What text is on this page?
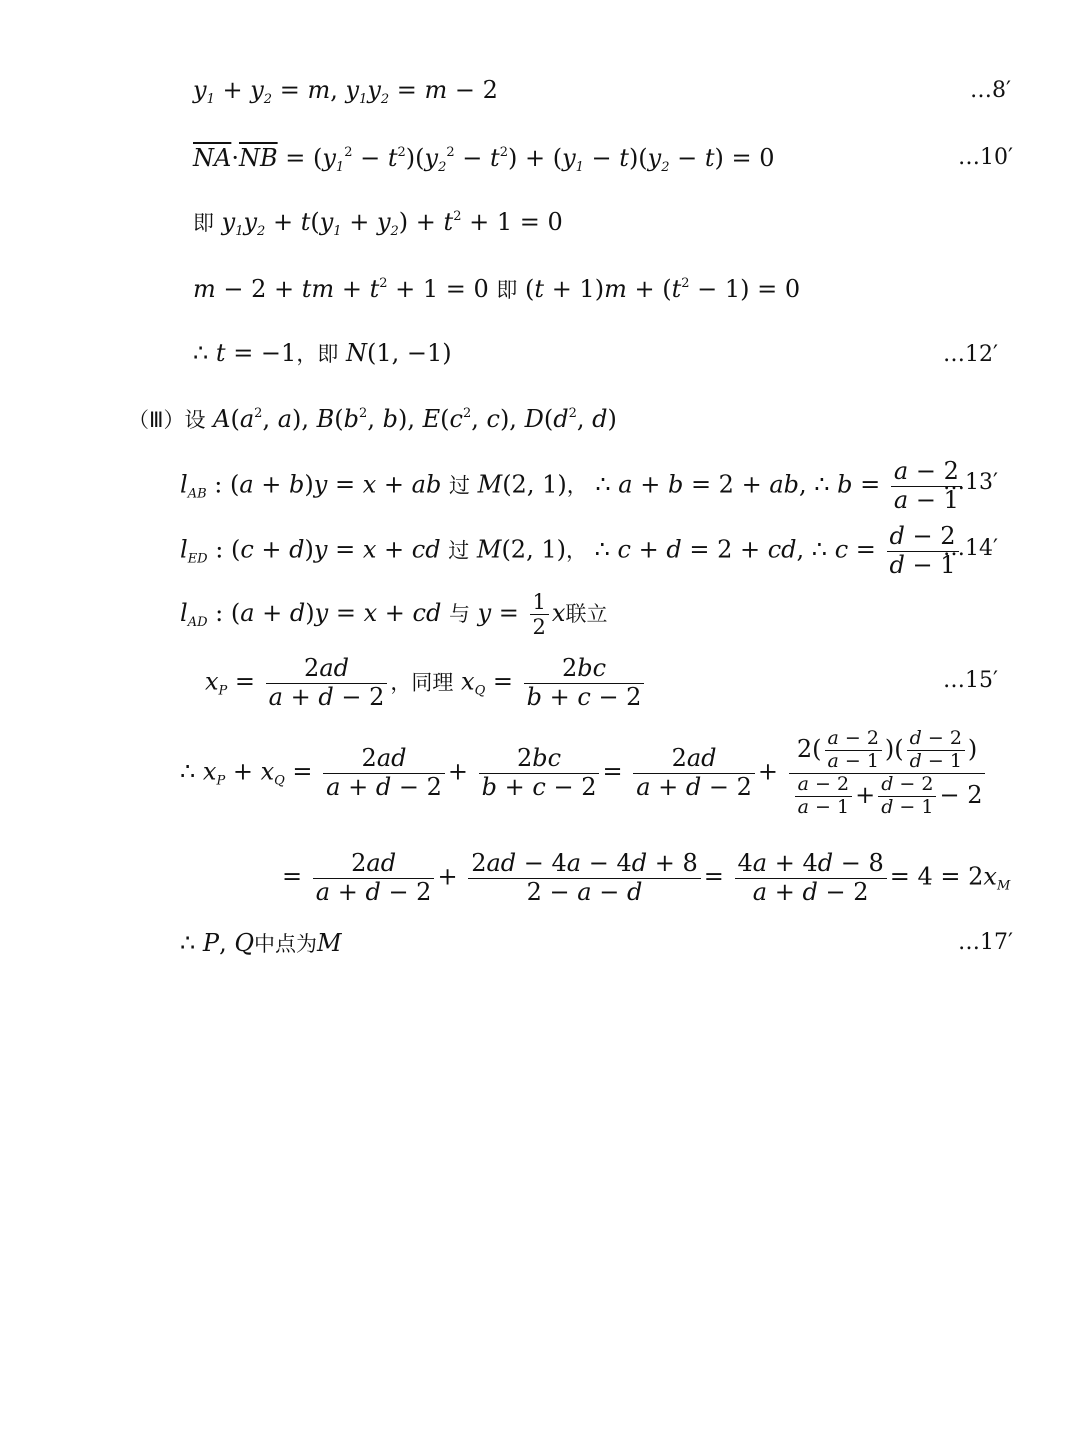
$y_1 + y_2 = m$, $y_1y_2 = m - 2$	…8′
$\overline{NA}\cdot\overline{NB} = (y_1^2 - t^2)(y_2^2 - t^2) + (y_1 - t)(y_2 - t) = 0$	…10′
即 $y_1y_2 + t(y_1 + y_2) + t^2 + 1 = 0$
m − 2 + tm + $t^2 + 1 = 0$ 即 $(t + 1)m + (t^2 - 1) = 0$
∴ t = −1，即 N(1, −1)	…12′
（Ⅲ）设 $A(a^2$, a), $B(b^2$, b), $E(c^2$, c), $D(d^2$, d)
$l_{AB}$ : (a + b)y = x + ab 过 M(2, 1)， ∴ a + b = 2 + ab, ∴ $b = \frac{a - 2}{a - 1}$
…13′
$l_{ED}$ : (c + d)y = x + cd 过 M(2, 1)， ∴ c + d = 2 + cd, ∴ $c = \frac{d - 2}{d - 1}$
…14′
$l_{AD}$ : (a + d)y = x + cd 与 $y = \frac{1}{2}$ x联立
$x_P = \frac{2ad}{a + d - 2}$ ，同理 $x_Q = \frac{2bc}{b + c - 2}$	…15′
∴ $x_P + x_Q = \frac{2ad}{a + d - 2} + \frac{2bc}{b + c - 2} = \frac{2ad}{a + d - 2} + \frac{2( \frac{a - 2}{a - 1} )( \frac{d - 2}{d - 1} )}{\frac{a - 2}{a - 1} + \frac{d - 2}{d - 1} - 2}$
= $\frac{2ad}{a + d - 2} + \frac{2ad - 4a - 4d + 8}{2 - a - d} = \frac{4a + 4d - 8}{a + d - 2} = 4 = 2x_M$
∴ P, Q中点为M	…17′
